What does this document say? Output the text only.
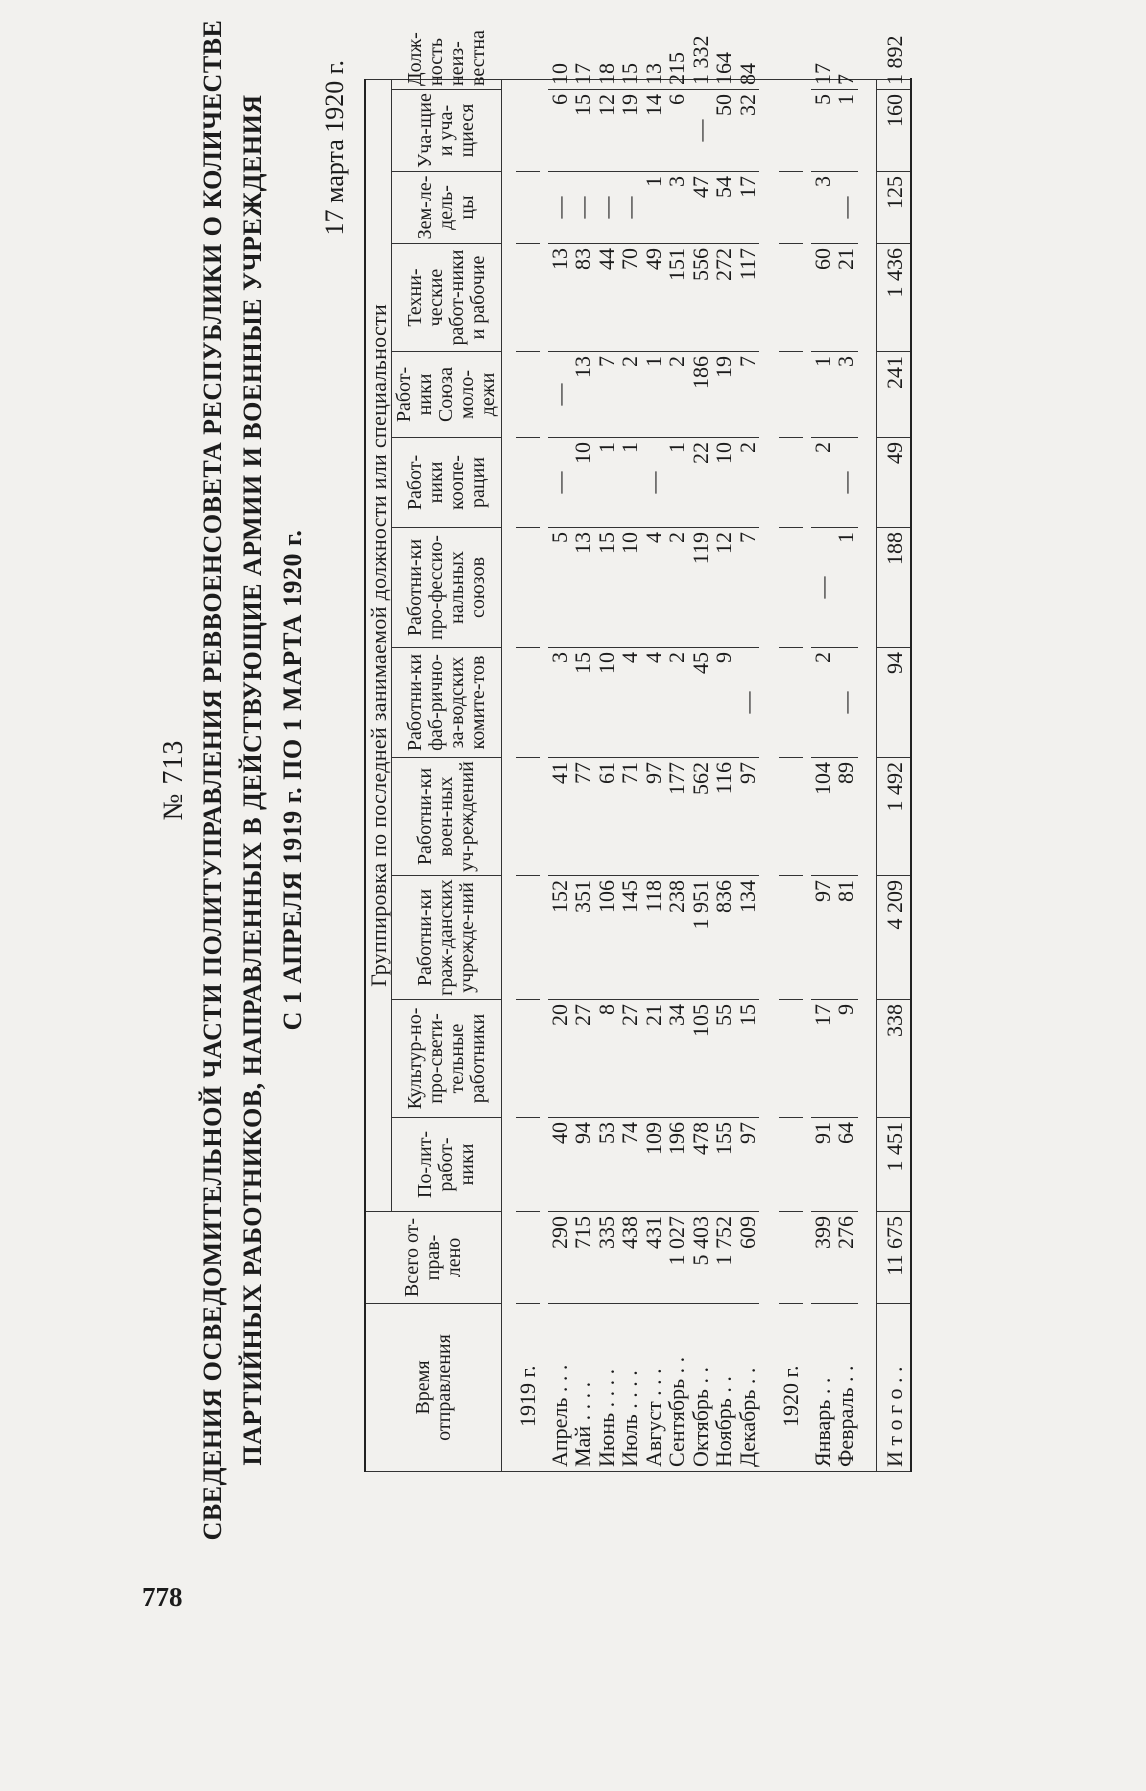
778
№ 713 СВЕДЕНИЯ ОСВЕДОМИТЕЛЬНОЙ ЧАСТИ ПОЛИТУПРАВЛЕНИЯ РЕВВОЕНСОВЕТА РЕСПУБЛИКИ О КОЛИЧЕСТВЕ ПАРТИЙНЫХ РАБОТНИКОВ, НАПРАВЛЕННЫХ В ДЕЙСТВУЮЩИЕ АРМИИ И ВОЕННЫЕ УЧРЕЖДЕНИЯ С 1 АПРЕЛЯ 1919 г. ПО 1 МАРТА 1920 г.
17 марта 1920 г.
Время отправления	Всего от-прав-лено	Группировка по последней занимаемой должности или специальности											
		По-лит-работ-ники	Культур-но-про-свети-тельные работники	Работни-ки граж-данских учрежде-ний	Работни-ки воен-ных уч-реждений	Работни-ки фаб-рично-за-водских комите-тов	Работни-ки про-фессио-нальных союзов	Работ-ники коопе-рации	Работ-ники Союза моло-дежи	Техни-ческие работ-ники и рабочие	Зем-ле-дель-цы	Уча-щие и уча-щиеся	Долж-ность неиз-вестна

1919 г.													

Апрель . . .	290	40	20	152	41	3	5	—	—	13	—	6	10
Май . . . .	715	94	27	351	77	15	13	10	13	83	—	15	17
Июнь . . . .	335	53	8	106	61	10	15	1	7	44	—	12	18
Июль . . . .	438	74	27	145	71	4	10	1	2	70	—	19	15
Август . . .	431	109	21	118	97	4	4	—	1	49	1	14	13
Сентябрь . .	1 027	196	34	238	177	2	2	1	2	151	3	6	215
Октябрь . .	5 403	478	105	1 951	562	45	119	22	186	556	47	—	1 332
Ноябрь . .	1 752	155	55	836	116	9	12	10	19	272	54	50	164
Декабрь . .	609	97	15	134	97	—	7	2	7	117	17	32	84

1920 г.													

Январь . .	399	91	17	97	104	2	—	2	1	60	3	5	17
Февраль . .	276	64	9	81	89	—	1	—	3	21	—	1	7

И т о г о . .	11 675	1 451	338	4 209	1 492	94	188	49	241	1 436	125	160	1 892
